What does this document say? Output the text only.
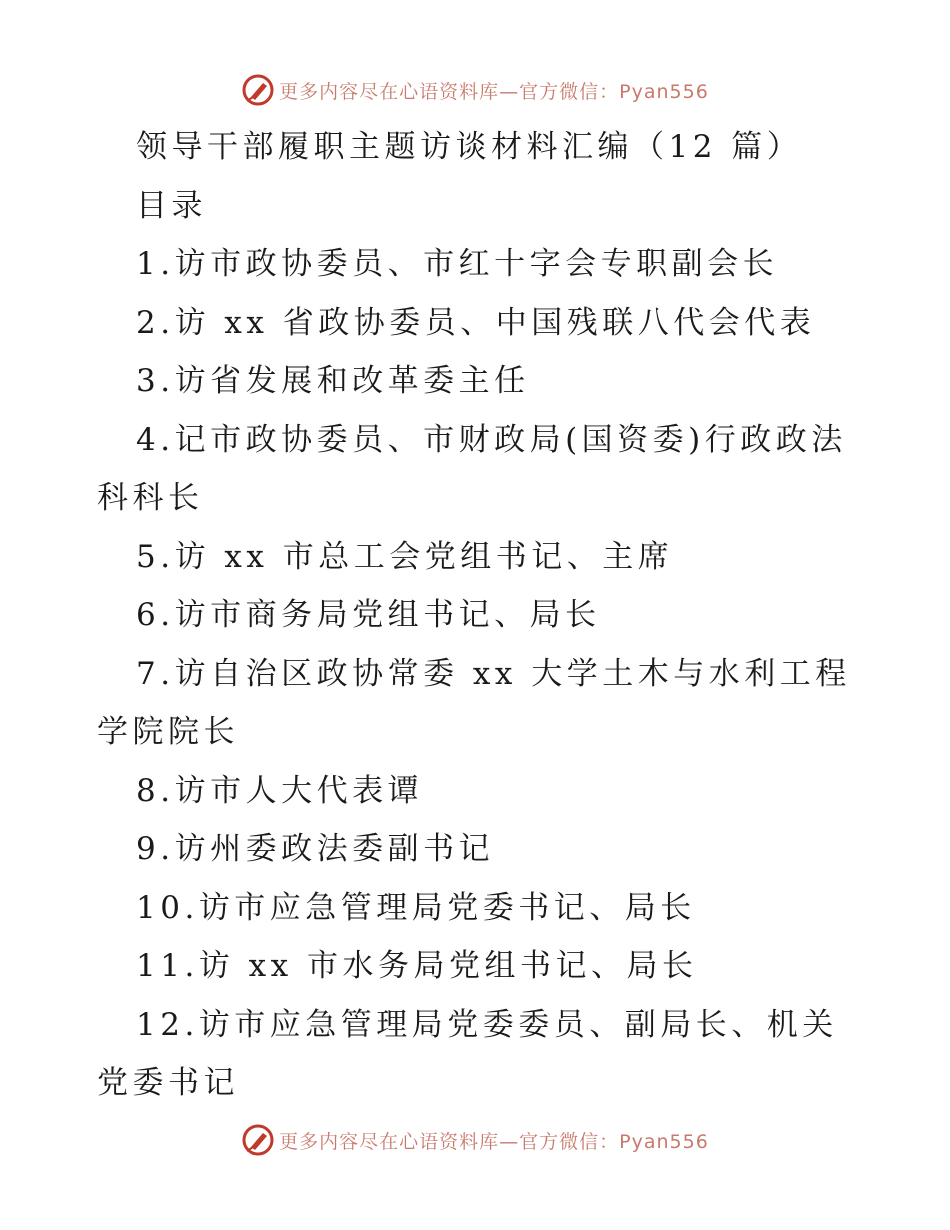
更多内容尽在心语资料库—官方微信：Pyan556

领导干部履职主题访谈材料汇编（12 篇）

目录

1.访市政协委员、市红十字会专职副会长

2.访 xx 省政协委员、中国残联八代会代表

3.访省发展和改革委主任

4.记市政协委员、市财政局(国资委)行政政法科科长

5.访 xx 市总工会党组书记、主席

6.访市商务局党组书记、局长

7.访自治区政协常委 xx 大学土木与水利工程学院院长

8.访市人大代表谭

9.访州委政法委副书记

10.访市应急管理局党委书记、局长

11.访 xx 市水务局党组书记、局长

12.访市应急管理局党委委员、副局长、机关党委书记

更多内容尽在心语资料库—官方微信：Pyan556
